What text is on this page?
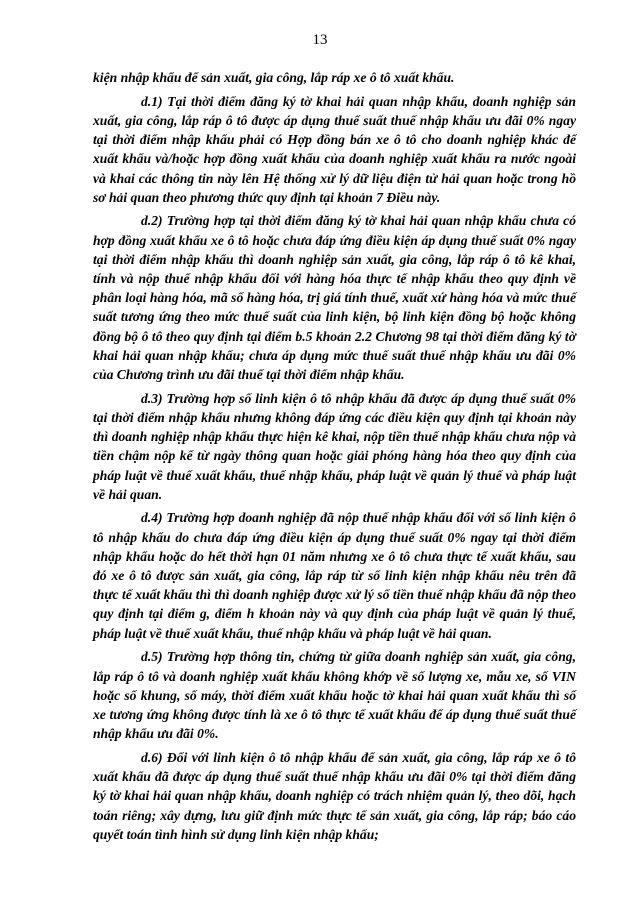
13

kiện nhập khẩu để sản xuất, gia công, lắp ráp xe ô tô xuất khẩu.

d.1) Tại thời điểm đăng ký tờ khai hải quan nhập khẩu, doanh nghiệp sản xuất, gia công, lắp ráp ô tô được áp dụng thuế suất thuế nhập khẩu ưu đãi 0% ngay tại thời điểm nhập khẩu phải có Hợp đồng bán xe ô tô cho doanh nghiệp khác để xuất khẩu và/hoặc hợp đồng xuất khẩu của doanh nghiệp xuất khẩu ra nước ngoài và khai các thông tin này lên Hệ thống xử lý dữ liệu điện tử hải quan hoặc trong hồ sơ hải quan theo phương thức quy định tại khoản 7 Điều này.

d.2) Trường hợp tại thời điểm đăng ký tờ khai hải quan nhập khẩu chưa có hợp đồng xuất khẩu xe ô tô hoặc chưa đáp ứng điều kiện áp dụng thuế suất 0% ngay tại thời điểm nhập khẩu thì doanh nghiệp sản xuất, gia công, lắp ráp ô tô kê khai, tính và nộp thuế nhập khẩu đối với hàng hóa thực tế nhập khẩu theo quy định về phân loại hàng hóa, mã số hàng hóa, trị giá tính thuế, xuất xứ hàng hóa và mức thuế suất tương ứng theo mức thuế suất của linh kiện, bộ linh kiện đồng bộ hoặc không đồng bộ ô tô theo quy định tại điểm b.5 khoản 2.2 Chương 98 tại thời điểm đăng ký tờ khai hải quan nhập khẩu; chưa áp dụng mức thuế suất thuế nhập khẩu ưu đãi 0% của Chương trình ưu đãi thuế tại thời điểm nhập khẩu.

d.3) Trường hợp số linh kiện ô tô nhập khẩu đã được áp dụng thuế suất 0% tại thời điểm nhập khẩu nhưng không đáp ứng các điều kiện quy định tại khoản này thì doanh nghiệp nhập khẩu thực hiện kê khai, nộp tiền thuế nhập khẩu chưa nộp và tiền chậm nộp kể từ ngày thông quan hoặc giải phóng hàng hóa theo quy định của pháp luật về thuế xuất khẩu, thuế nhập khẩu, pháp luật về quản lý thuế và pháp luật về hải quan.

d.4) Trường hợp doanh nghiệp đã nộp thuế nhập khẩu đối với số linh kiện ô tô nhập khẩu do chưa đáp ứng điều kiện áp dụng thuế suất 0% ngay tại thời điểm nhập khẩu hoặc do hết thời hạn 01 năm nhưng xe ô tô chưa thực tế xuất khẩu, sau đó xe ô tô được sản xuất, gia công, lắp ráp từ số linh kiện nhập khẩu nêu trên đã thực tế xuất khẩu thì thì doanh nghiệp được xử lý số tiền thuế nhập khẩu đã nộp theo quy định tại điểm g, điểm h khoản này và quy định của pháp luật về quản lý thuế, pháp luật về thuế xuất khẩu, thuế nhập khẩu và pháp luật về hải quan.

d.5) Trường hợp thông tin, chứng từ giữa doanh nghiệp sản xuất, gia công, lắp ráp ô tô và doanh nghiệp xuất khẩu không khớp về số lượng xe, mẫu xe, số VIN hoặc số khung, số máy, thời điểm xuất khẩu hoặc tờ khai hải quan xuất khẩu thì số xe tương ứng không được tính là xe ô tô thực tế xuất khẩu để áp dụng thuế suất thuế nhập khẩu ưu đãi 0%.

d.6) Đối với linh kiện ô tô nhập khẩu để sản xuất, gia công, lắp ráp xe ô tô xuất khẩu đã được áp dụng thuế suất thuế nhập khẩu ưu đãi 0% tại thời điểm đăng ký tờ khai hải quan nhập khẩu, doanh nghiệp có trách nhiệm quản lý, theo dõi, hạch toán riêng; xây dựng, lưu giữ định mức thực tế sản xuất, gia công, lắp ráp; báo cáo quyết toán tình hình sử dụng linh kiện nhập khẩu;
